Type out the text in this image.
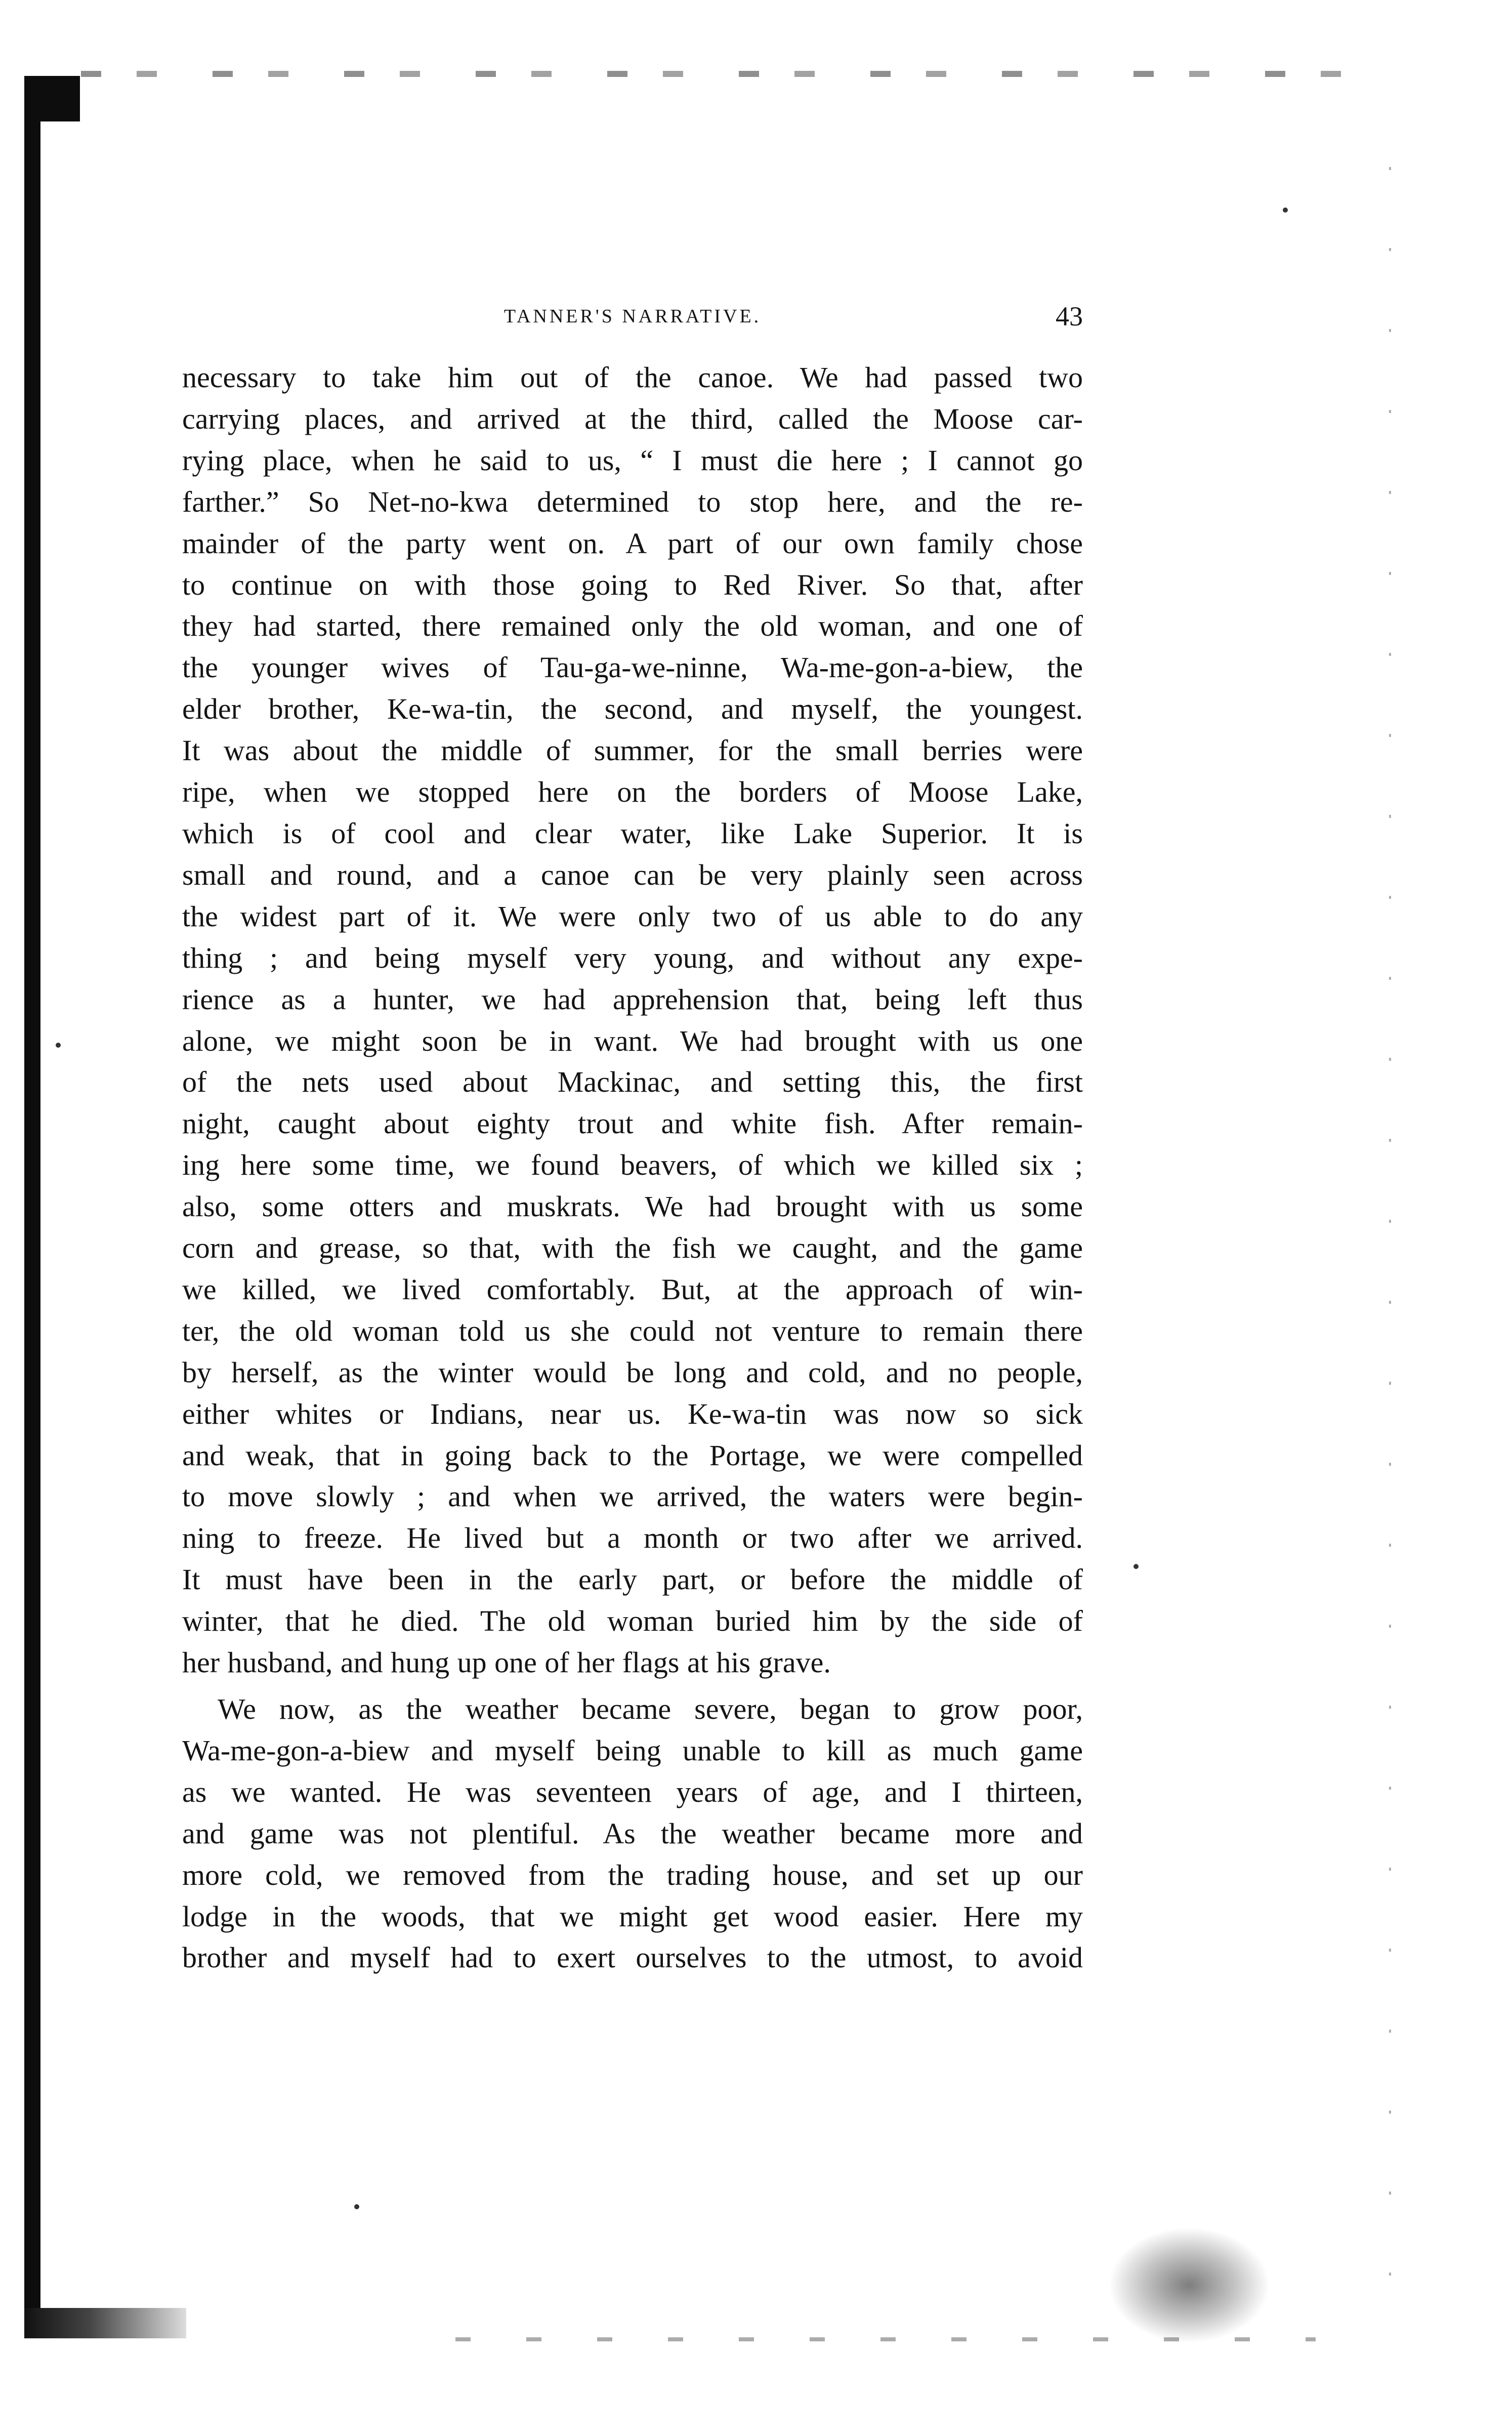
TANNER'S NARRATIVE.	43

necessary to take him out of the canoe. We had passed two
carrying places, and arrived at the third, called the Moose car-
rying place, when he said to us, “ I must die here ; I cannot go
farther.” So Net-no-kwa determined to stop here, and the re-
mainder of the party went on. A part of our own family chose
to continue on with those going to Red River. So that, after
they had started, there remained only the old woman, and one of
the younger wives of Tau-ga-we-ninne, Wa-me-gon-a-biew, the
elder brother, Ke-wa-tin, the second, and myself, the youngest.
It was about the middle of summer, for the small berries were
ripe, when we stopped here on the borders of Moose Lake,
which is of cool and clear water, like Lake Superior. It is
small and round, and a canoe can be very plainly seen across
the widest part of it. We were only two of us able to do any
thing ; and being myself very young, and without any expe-
rience as a hunter, we had apprehension that, being left thus
alone, we might soon be in want. We had brought with us one
of the nets used about Mackinac, and setting this, the first
night, caught about eighty trout and white fish. After remain-
ing here some time, we found beavers, of which we killed six ;
also, some otters and muskrats. We had brought with us some
corn and grease, so that, with the fish we caught, and the game
we killed, we lived comfortably. But, at the approach of win-
ter, the old woman told us she could not venture to remain there
by herself, as the winter would be long and cold, and no people,
either whites or Indians, near us. Ke-wa-tin was now so sick
and weak, that in going back to the Portage, we were compelled
to move slowly ; and when we arrived, the waters were begin-
ning to freeze. He lived but a month or two after we arrived.
It must have been in the early part, or before the middle of
winter, that he died. The old woman buried him by the side of
her husband, and hung up one of her flags at his grave.

We now, as the weather became severe, began to grow poor,
Wa-me-gon-a-biew and myself being unable to kill as much game
as we wanted. He was seventeen years of age, and I thirteen,
and game was not plentiful. As the weather became more and
more cold, we removed from the trading house, and set up our
lodge in the woods, that we might get wood easier. Here my
brother and myself had to exert ourselves to the utmost, to avoid
